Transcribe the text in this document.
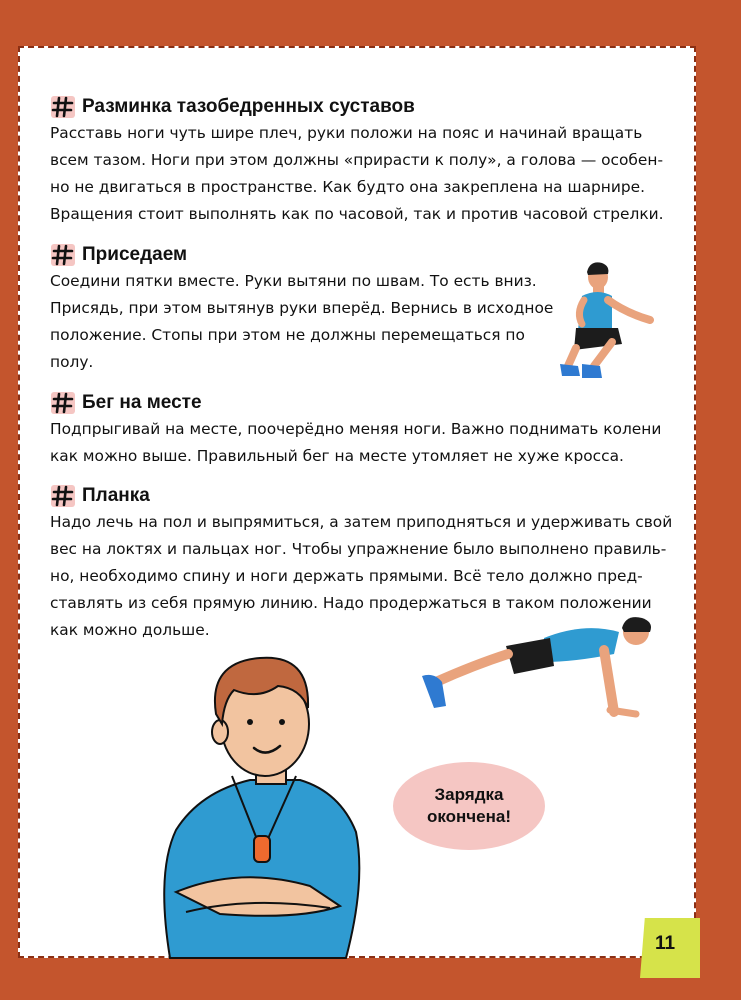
Разминка тазобедренных суставов

Расставь ноги чуть шире плеч, руки положи на пояс и начинай вращать
всем тазом. Ноги при этом должны «прирасти к полу», а голова — особен-
но не двигаться в пространстве. Как будто она закреплена на шарнире.
Вращения стоит выполнять как по часовой, так и против часовой стрелки.

Приседаем

Соедини пятки вместе. Руки вытяни по швам. То есть вниз.
Присядь, при этом вытянув руки вперёд. Вернись в исходное
положение. Стопы при этом не должны перемещаться по
полу.

Бег на месте

Подпрыгивай на месте, поочерёдно меняя ноги. Важно поднимать колени
как можно выше. Правильный бег на месте утомляет не хуже кросса.

Планка

Надо лечь на пол и выпрямиться, а затем приподняться и удерживать свой
вес на локтях и пальцах ног. Чтобы упражнение было выполнено правиль-
но, необходимо спину и ноги держать прямыми. Всё тело должно пред-
ставлять из себя прямую линию. Надо продержаться в таком положении
как можно дольше.

Зарядка
окончена!
11
